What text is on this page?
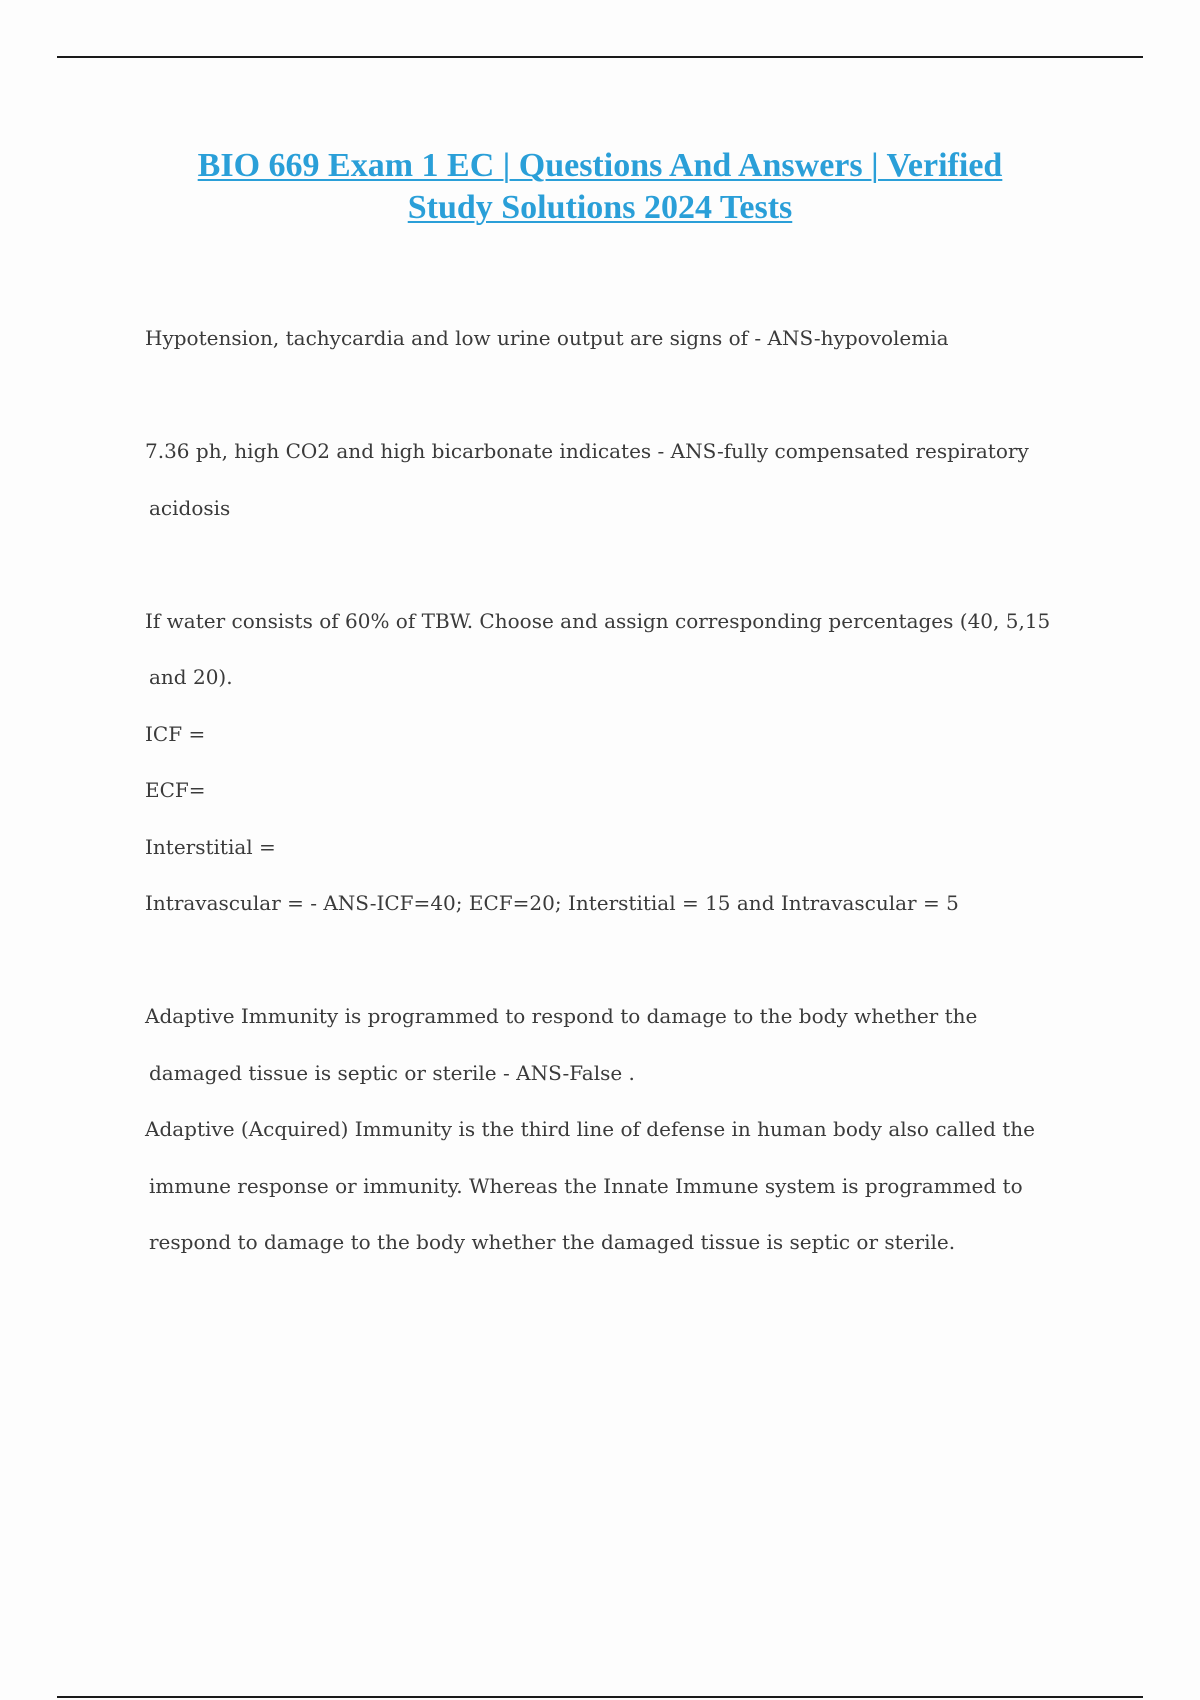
BIO 669 Exam 1 EC | Questions And Answers | Verified
Study Solutions 2024 Tests

Hypotension, tachycardia and low urine output are signs of - ANS-hypovolemia

7.36 ph, high CO2 and high bicarbonate indicates - ANS-fully compensated respiratory

acidosis

If water consists of 60% of TBW. Choose and assign corresponding percentages (40, 5,15

and 20).

ICF =

ECF=

Interstitial =

Intravascular = - ANS-ICF=40; ECF=20; Interstitial = 15 and Intravascular = 5

Adaptive Immunity is programmed to respond to damage to the body whether the

damaged tissue is septic or sterile - ANS-False .

Adaptive (Acquired) Immunity is the third line of defense in human body also called the

immune response or immunity. Whereas the Innate Immune system is programmed to

respond to damage to the body whether the damaged tissue is septic or sterile.
